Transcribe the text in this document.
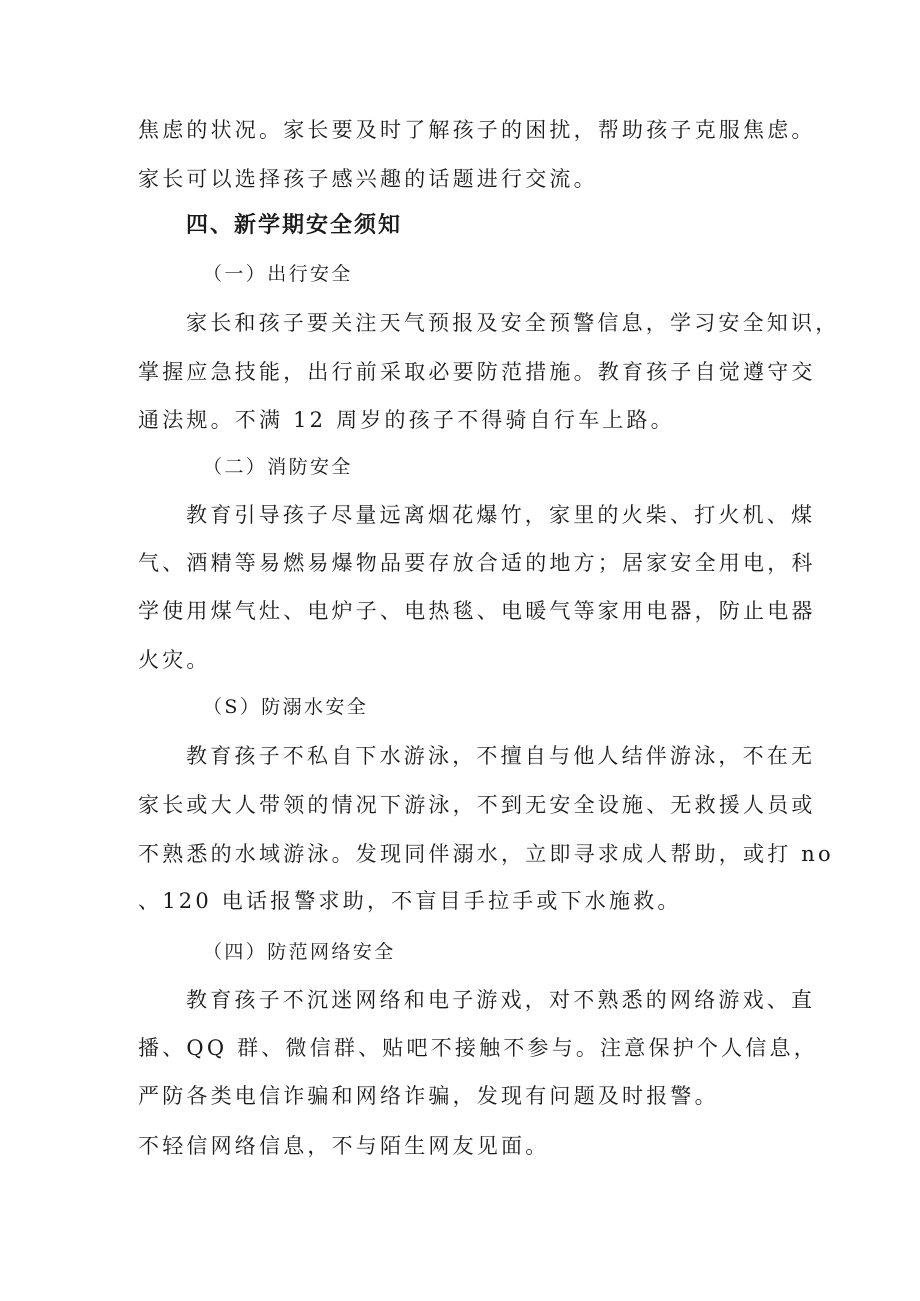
焦虑的状况。家长要及时了解孩子的困扰，帮助孩子克服焦虑。
家长可以选择孩子感兴趣的话题进行交流。
四、新学期安全须知
（一）出行安全
家长和孩子要关注天气预报及安全预警信息，学习安全知识，
掌握应急技能，出行前采取必要防范措施。教育孩子自觉遵守交
通法规。不满 12 周岁的孩子不得骑自行车上路。
（二）消防安全
教育引导孩子尽量远离烟花爆竹，家里的火柴、打火机、煤
气、酒精等易燃易爆物品要存放合适的地方；居家安全用电，科
学使用煤气灶、电炉子、电热毯、电暖气等家用电器，防止电器
火灾。
（S）防溺水安全
教育孩子不私自下水游泳，不擅自与他人结伴游泳，不在无
家长或大人带领的情况下游泳，不到无安全设施、无救援人员或
不熟悉的水域游泳。发现同伴溺水，立即寻求成人帮助，或打 no
、120 电话报警求助，不盲目手拉手或下水施救。
（四）防范网络安全
教育孩子不沉迷网络和电子游戏，对不熟悉的网络游戏、直
播、QQ 群、微信群、贴吧不接触不参与。注意保护个人信息，
严防各类电信诈骗和网络诈骗，发现有问题及时报警。
不轻信网络信息，不与陌生网友见面。
